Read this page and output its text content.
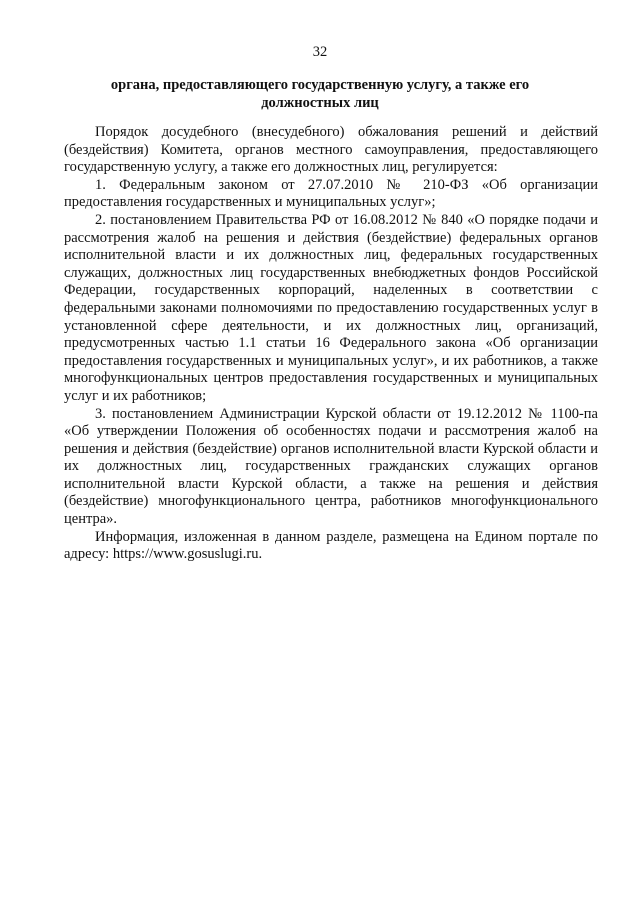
32
органа, предоставляющего государственную услугу, а также его
должностных лиц

Порядок досудебного (внесудебного) обжалования решений и действий (бездействия) Комитета, органов местного самоуправления, предоставляющего государственную услугу, а также его должностных лиц, регулируется:

1. Федеральным законом от 27.07.2010 № 210-ФЗ «Об организации предоставления государственных и муниципальных услуг»;

2. постановлением Правительства РФ от 16.08.2012 № 840 «О порядке подачи и рассмотрения жалоб на решения и действия (бездействие) федеральных органов исполнительной власти и их должностных лиц, федеральных государственных служащих, должностных лиц государственных внебюджетных фондов Российской Федерации, государственных корпораций, наделенных в соответствии с федеральными законами полномочиями по предоставлению государственных услуг в установленной сфере деятельности, и их должностных лиц, организаций, предусмотренных частью 1.1 статьи 16 Федерального закона «Об организации предоставления государственных и муниципальных услуг», и их работников, а также многофункциональных центров предоставления государственных и муниципальных услуг и их работников;

3. постановлением Администрации Курской области от 19.12.2012 № 1100-па «Об утверждении Положения об особенностях подачи и рассмотрения жалоб на решения и действия (бездействие) органов исполнительной власти Курской области и их должностных лиц, государственных гражданских служащих органов исполнительной власти Курской области, а также на решения и действия (бездействие) многофункционального центра, работников многофункционального центра».

Информация, изложенная в данном разделе, размещена на Едином портале по адресу: https://www.gosuslugi.ru.
